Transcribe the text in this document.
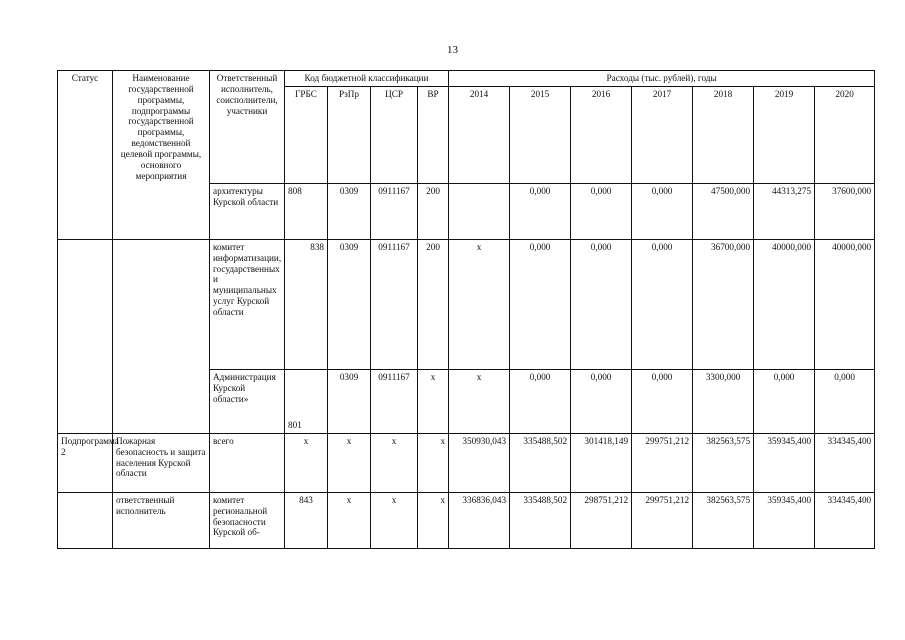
13
Статус	Наименование государственной программы, подпрограммы государственной программы, ведомственной целевой программы, основного мероприятия	Ответственный исполнитель, соисполнители, участники	Код бюджетной классификации				Расходы (тыс. рублей), годы						
			ГРБС	РзПр	ЦСР	ВР	2014	2015	2016	2017	2018	2019	2020
		архитектуры Курской области	808	0309	0911167	200		0,000	0,000	0,000	47500,000	44313,275	37600,000
		комитет информатизации, государственных и муниципальных услуг Курской области	838	0309	0911167	200	x	0,000	0,000	0,000	36700,000	40000,000	40000,000
		Администрация Курской области»	801	0309	0911167	x	x	0,000	0,000	0,000	3300,000	0,000	0,000
Подпрограмма 2	Пожарная безопасность и защита населения Курской области	всего	x	x	x	x	350930,043	335488,502	301418,149	299751,212	382563,575	359345,400	334345,400
	ответственный исполнитель	комитет региональной безопасности Курской об-	843	x	x	x	336836,043	335488,502	298751,212	299751,212	382563,575	359345,400	334345,400
